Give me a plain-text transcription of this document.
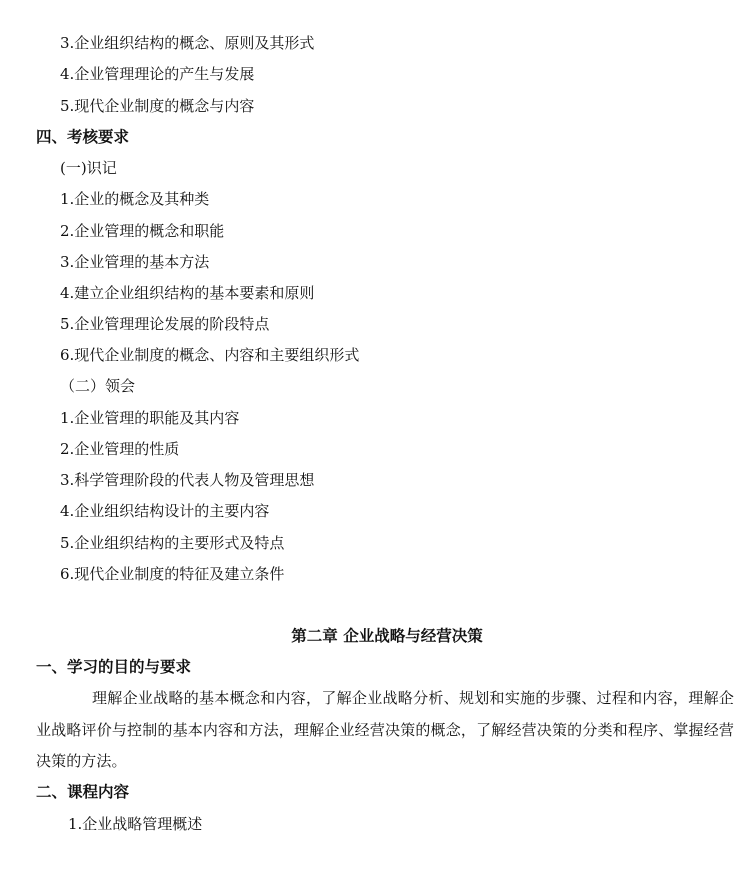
3.企业组织结构的概念、原则及其形式
4.企业管理理论的产生与发展
5.现代企业制度的概念与内容
四、考核要求
(一)识记
1.企业的概念及其种类
2.企业管理的概念和职能
3.企业管理的基本方法
4.建立企业组织结构的基本要素和原则
5.企业管理理论发展的阶段特点
6.现代企业制度的概念、内容和主要组织形式
（二）领会
1.企业管理的职能及其内容
2.企业管理的性质
3.科学管理阶段的代表人物及管理思想
4.企业组织结构设计的主要内容
5.企业组织结构的主要形式及特点
6.现代企业制度的特征及建立条件
第二章 企业战略与经营决策
一、学习的目的与要求
理解企业战略的基本概念和内容，了解企业战略分析、规划和实施的步骤、过程和内容，理解企业战略评价与控制的基本内容和方法，理解企业经营决策的概念，了解经营决策的分类和程序、掌握经营决策的方法。
二、课程内容
1.企业战略管理概述
